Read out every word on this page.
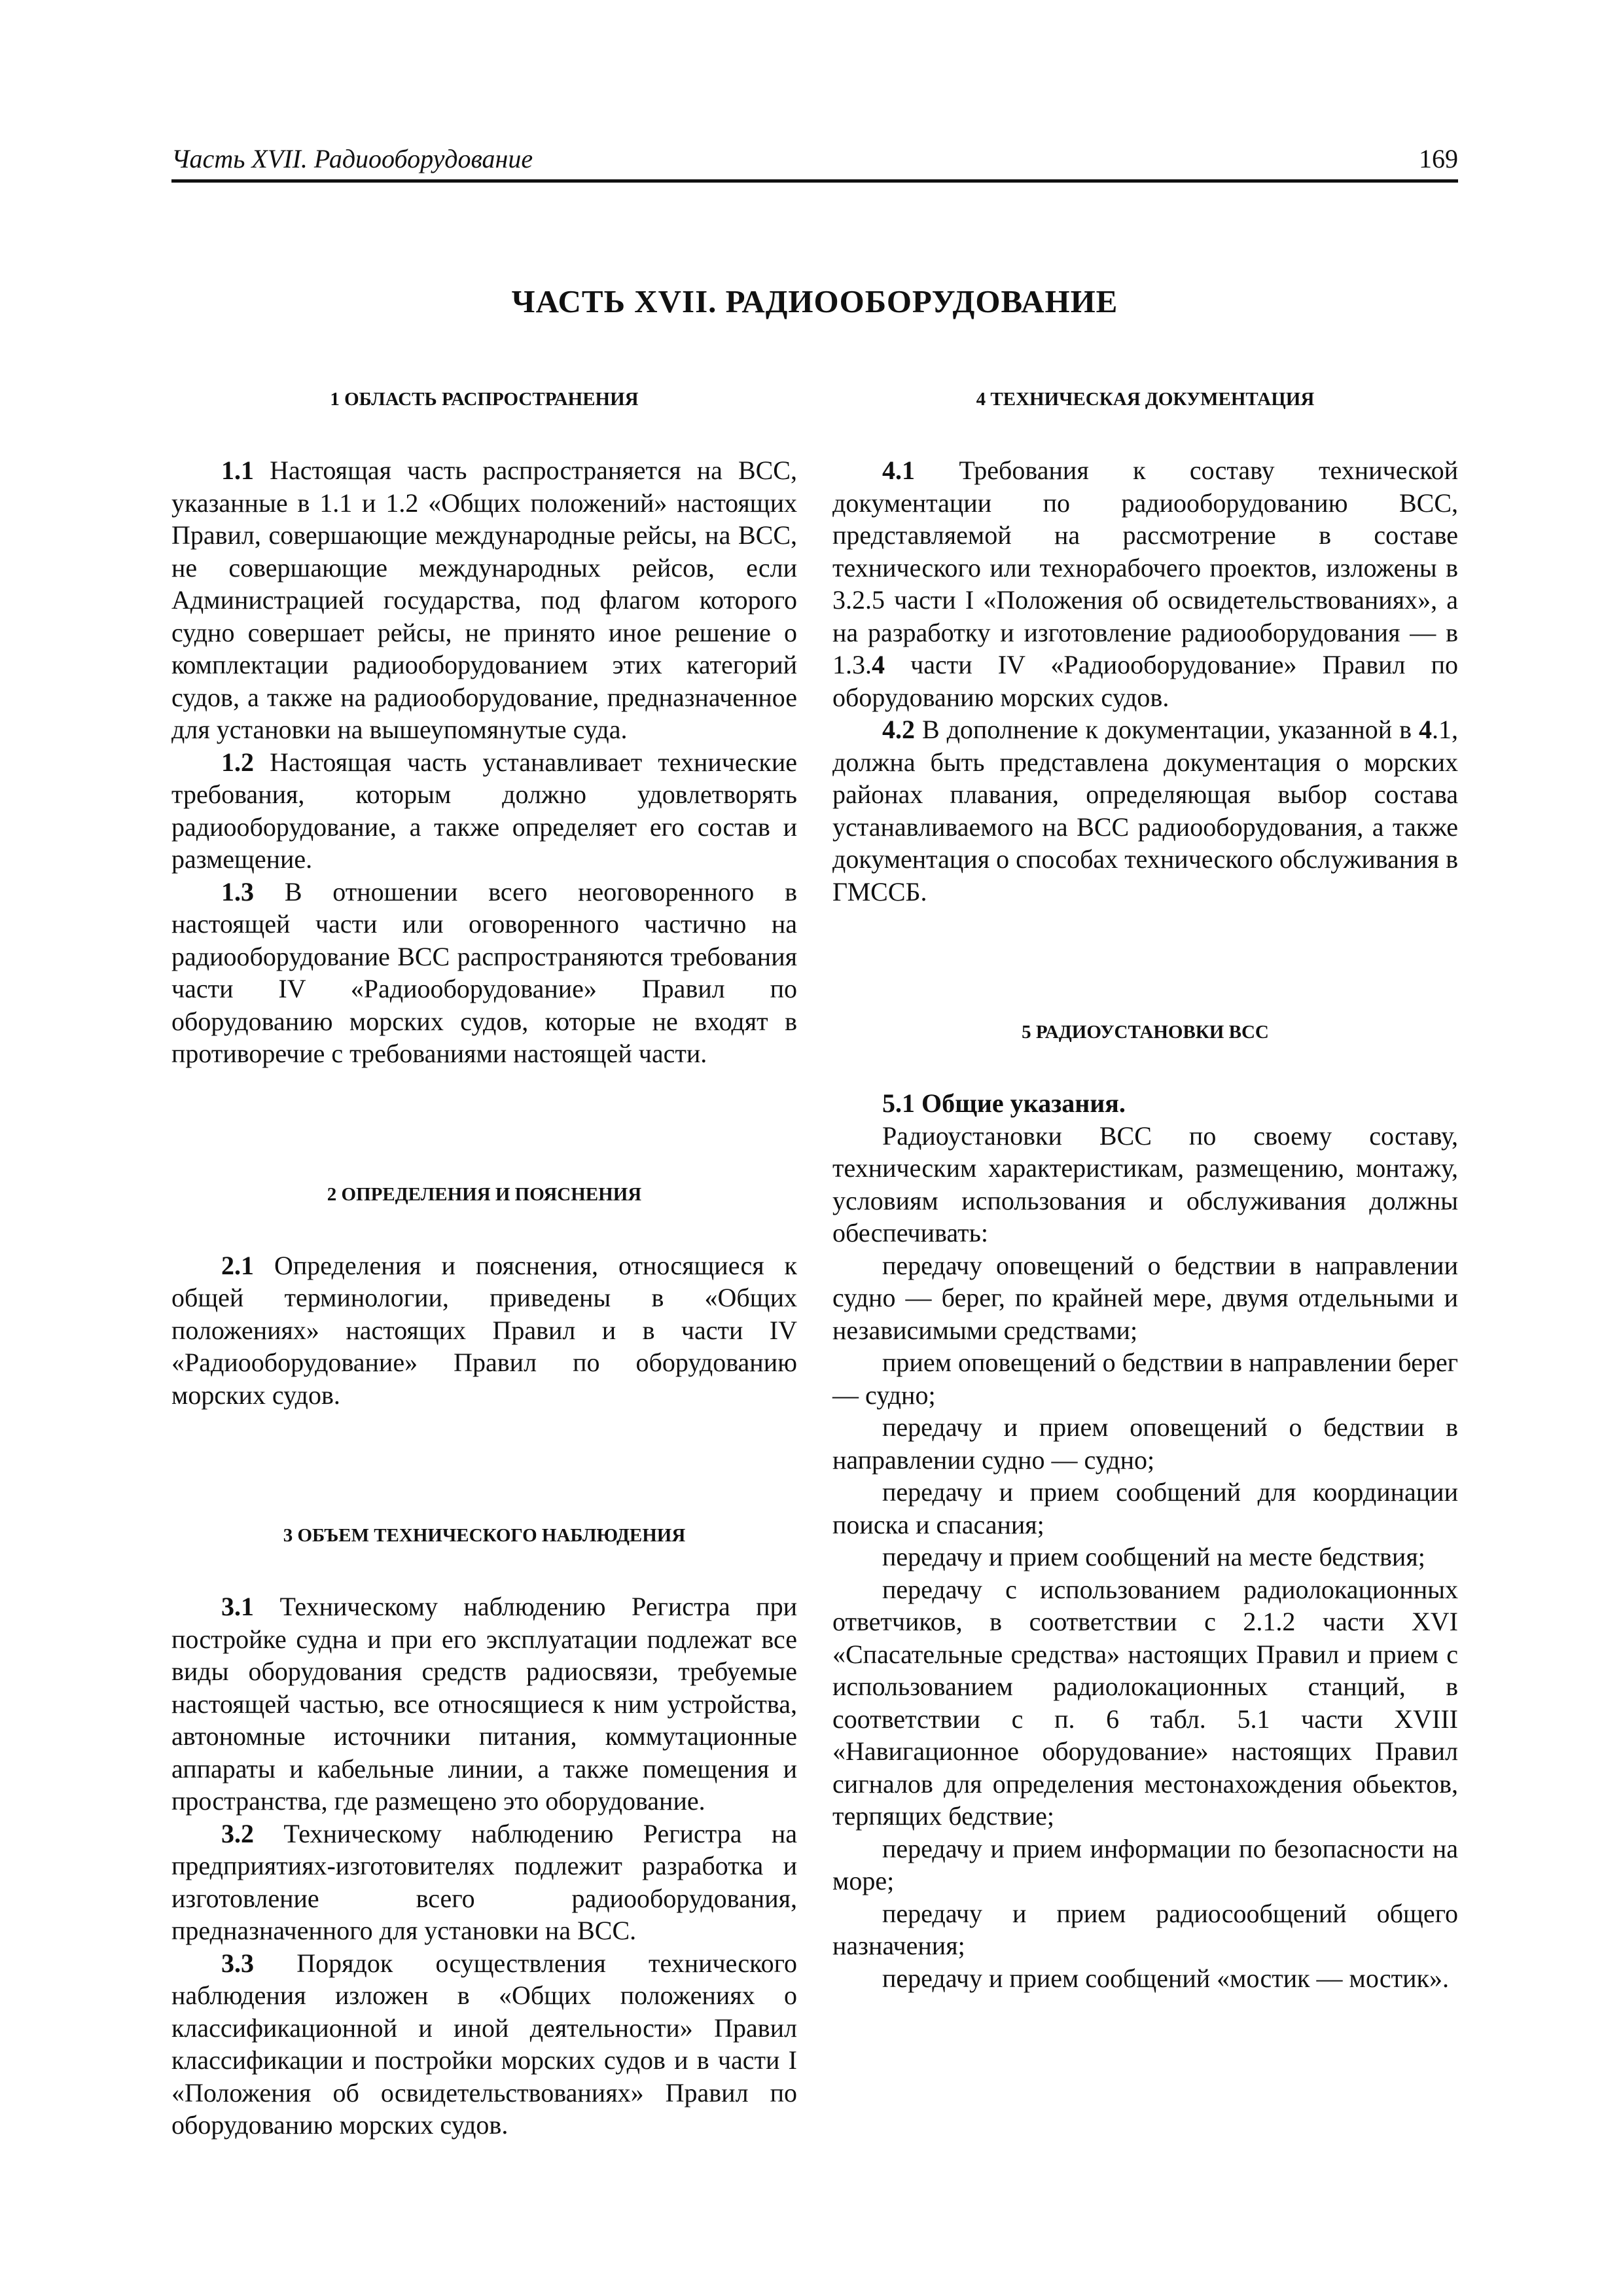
Часть XVII. Радиооборудование	169
ЧАСТЬ XVII. РАДИООБОРУДОВАНИЕ
1 ОБЛАСТЬ РАСПРОСТРАНЕНИЯ

1.1 Настоящая часть распространяется на ВСС, указанные в 1.1 и 1.2 «Общих положений» настоящих Правил, совершающие международные рейсы, на ВСС, не совершающие международных рейсов, если Администрацией государства, под флагом которого судно совершает рейсы, не принято иное решение о комплектации радиооборудованием этих категорий судов, а также на радиооборудование, предназначенное для установки на вышеупомянутые суда.

1.2 Настоящая часть устанавливает технические требования, которым должно удовлетворять радиооборудование, а также определяет его состав и размещение.

1.3 В отношении всего неоговоренного в настоящей части или оговоренного частично на радиооборудование ВСС распространяются требования части IV «Радиооборудование» Правил по оборудованию морских судов, которые не входят в противоречие с требованиями настоящей части.

2 ОПРЕДЕЛЕНИЯ И ПОЯСНЕНИЯ

2.1 Определения и пояснения, относящиеся к общей терминологии, приведены в «Общих положениях» настоящих Правил и в части IV «Радиооборудование» Правил по оборудованию морских судов.

3 ОБЪЕМ ТЕХНИЧЕСКОГО НАБЛЮДЕНИЯ

3.1 Техническому наблюдению Регистра при постройке судна и при его эксплуатации подлежат все виды оборудования средств радиосвязи, требуемые настоящей частью, все относящиеся к ним устройства, автономные источники питания, коммутационные аппараты и кабельные линии, а также помещения и пространства, где размещено это оборудование.

3.2 Техническому наблюдению Регистра на предприятиях-изготовителях подлежит разработка и изготовление всего радиооборудования, предназначенного для установки на ВСС.

3.3 Порядок осуществления технического наблюдения изложен в «Общих положениях о классификационной и иной деятельности» Правил классификации и постройки морских судов и в части I «Положения об освидетельствованиях» Правил по оборудованию морских судов.

4 ТЕХНИЧЕСКАЯ ДОКУМЕНТАЦИЯ

4.1 Требования к составу технической документации по радиооборудованию ВСС, представляемой на рассмотрение в составе технического или технорабочего проектов, изложены в 3.2.5 части I «Положения об освидетельствованиях», а на разработку и изготовление радиооборудования — в 1.3.4 части IV «Радиооборудование» Правил по оборудованию морских судов.

4.2 В дополнение к документации, указанной в 4.1, должна быть представлена документация о морских районах плавания, определяющая выбор состава устанавливаемого на ВСС радиооборудования, а также документация о способах технического обслуживания в ГМССБ.

5 РАДИОУСТАНОВКИ ВСС

5.1 Общие указания.

Радиоустановки ВСС по своему составу, техническим характеристикам, размещению, монтажу, условиям использования и обслуживания должны обеспечивать:

передачу оповещений о бедствии в направлении судно — берег, по крайней мере, двумя отдельными и независимыми средствами;

прием оповещений о бедствии в направлении берег — судно;

передачу и прием оповещений о бедствии в направлении судно — судно;

передачу и прием сообщений для координации поиска и спасания;

передачу и прием сообщений на месте бедствия;

передачу с использованием радиолокационных ответчиков, в соответствии с 2.1.2 части XVI «Спасательные средства» настоящих Правил и прием с использованием радиолокационных станций, в соответствии с п. 6 табл. 5.1 части XVIII «Навигационное оборудование» настоящих Правил сигналов для определения местонахождения обьектов, терпящих бедствие;

передачу и прием информации по безопасности на море;

передачу и прием радиосообщений общего назначения;

передачу и прием сообщений «мостик — мостик».
